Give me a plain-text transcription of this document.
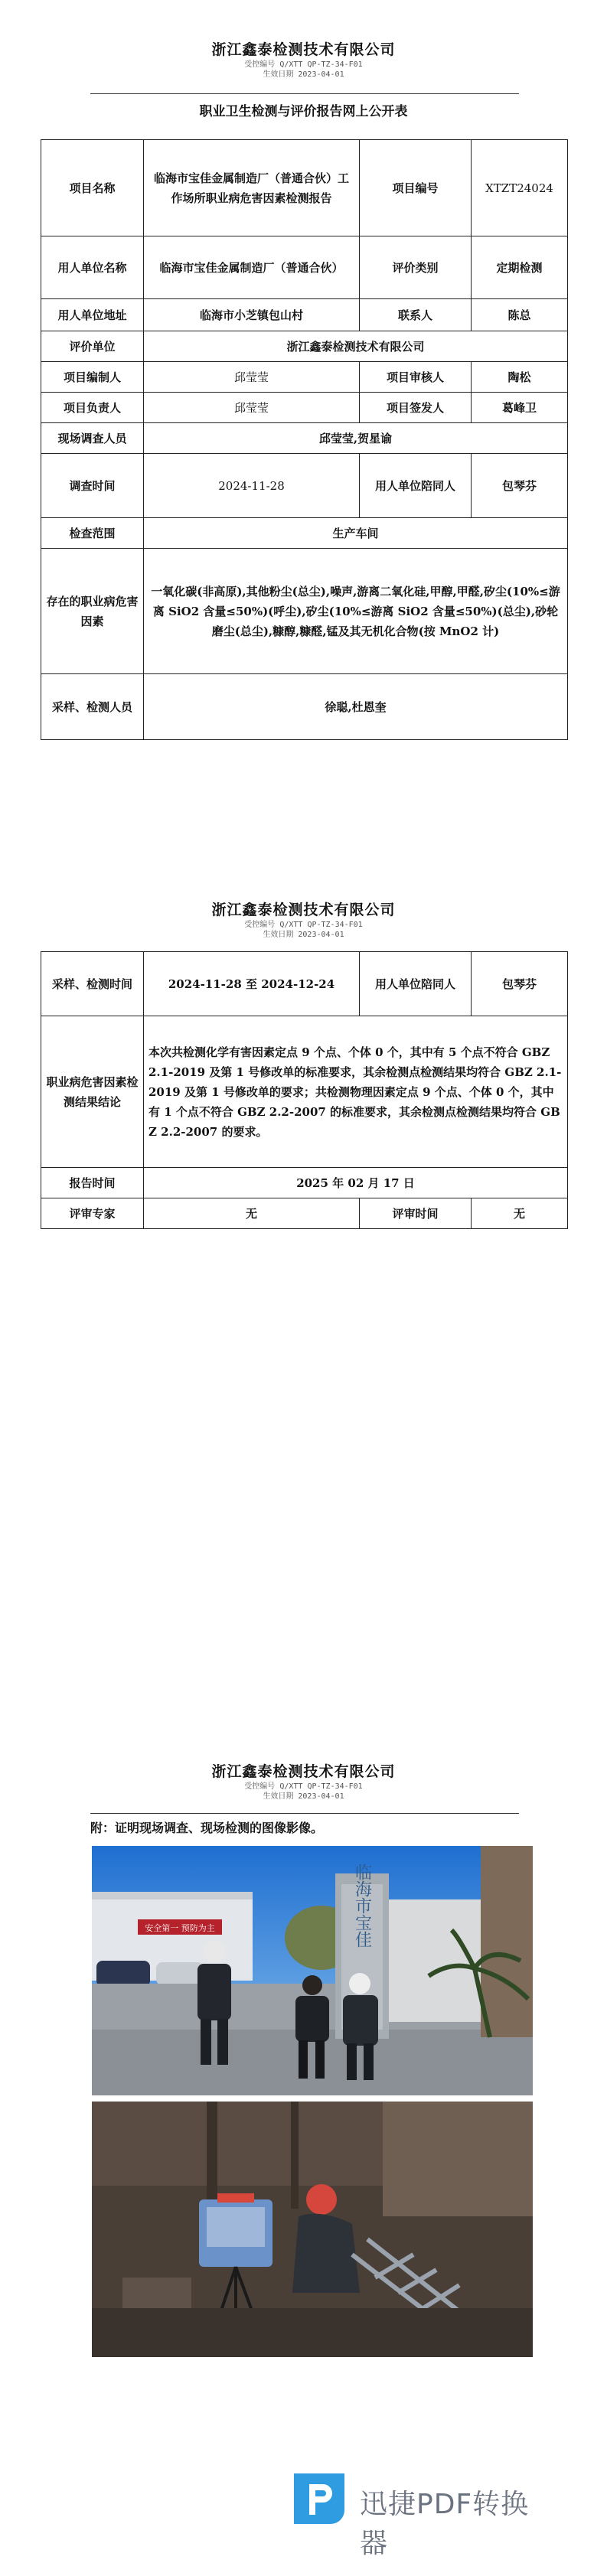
浙江鑫泰检测技术有限公司
受控编号 Q/XTT QP-TZ-34-F01
生效日期 2023-04-01
职业卫生检测与评价报告网上公开表
项目名称	临海市宝佳金属制造厂（普通合伙）工作场所职业病危害因素检测报告	项目编号	XTZT24024
用人单位名称	临海市宝佳金属制造厂（普通合伙）	评价类别	定期检测
用人单位地址	临海市小芝镇包山村	联系人	陈总
评价单位	浙江鑫泰检测技术有限公司		
项目编制人	邱莹莹	项目审核人	陶松
项目负责人	邱莹莹	项目签发人	葛峰卫
现场调查人员	邱莹莹,贺星谕		
调查时间	2024-11-28	用人单位陪同人	包琴芬
检查范围	生产车间		
存在的职业病危害因素	一氧化碳(非高原),其他粉尘(总尘),噪声,游离二氧化硅,甲醇,甲醛,矽尘(10%≤游离 SiO2 含量≤50%)(呼尘),矽尘(10%≤游离 SiO2 含量≤50%)(总尘),砂轮磨尘(总尘),糠醇,糠醛,锰及其无机化合物(按 MnO2 计)		
采样、检测人员	徐聪,杜恩奎		
浙江鑫泰检测技术有限公司
受控编号 Q/XTT QP-TZ-34-F01
生效日期 2023-04-01
采样、检测时间	2024-11-28 至 2024-12-24	用人单位陪同人	包琴芬
职业病危害因素检测结果结论	本次共检测化学有害因素定点 9 个点、个体 0 个，其中有 5 个点不符合 GBZ 2.1-2019 及第 1 号修改单的标准要求，其余检测点检测结果均符合 GBZ 2.1-2019 及第 1 号修改单的要求；共检测物理因素定点 9 个点、个体 0 个，其中有 1 个点不符合 GBZ 2.2-2007 的标准要求，其余检测点检测结果均符合 GBZ 2.2-2007 的要求。		
报告时间	2025 年 02 月 17 日		
评审专家	无	评审时间	无
浙江鑫泰检测技术有限公司
受控编号 Q/XTT QP-TZ-34-F01
生效日期 2023-04-01
附：证明现场调查、现场检测的图像影像。
安全第一 预防为主	临海市宝佳
迅捷PDF转换器
